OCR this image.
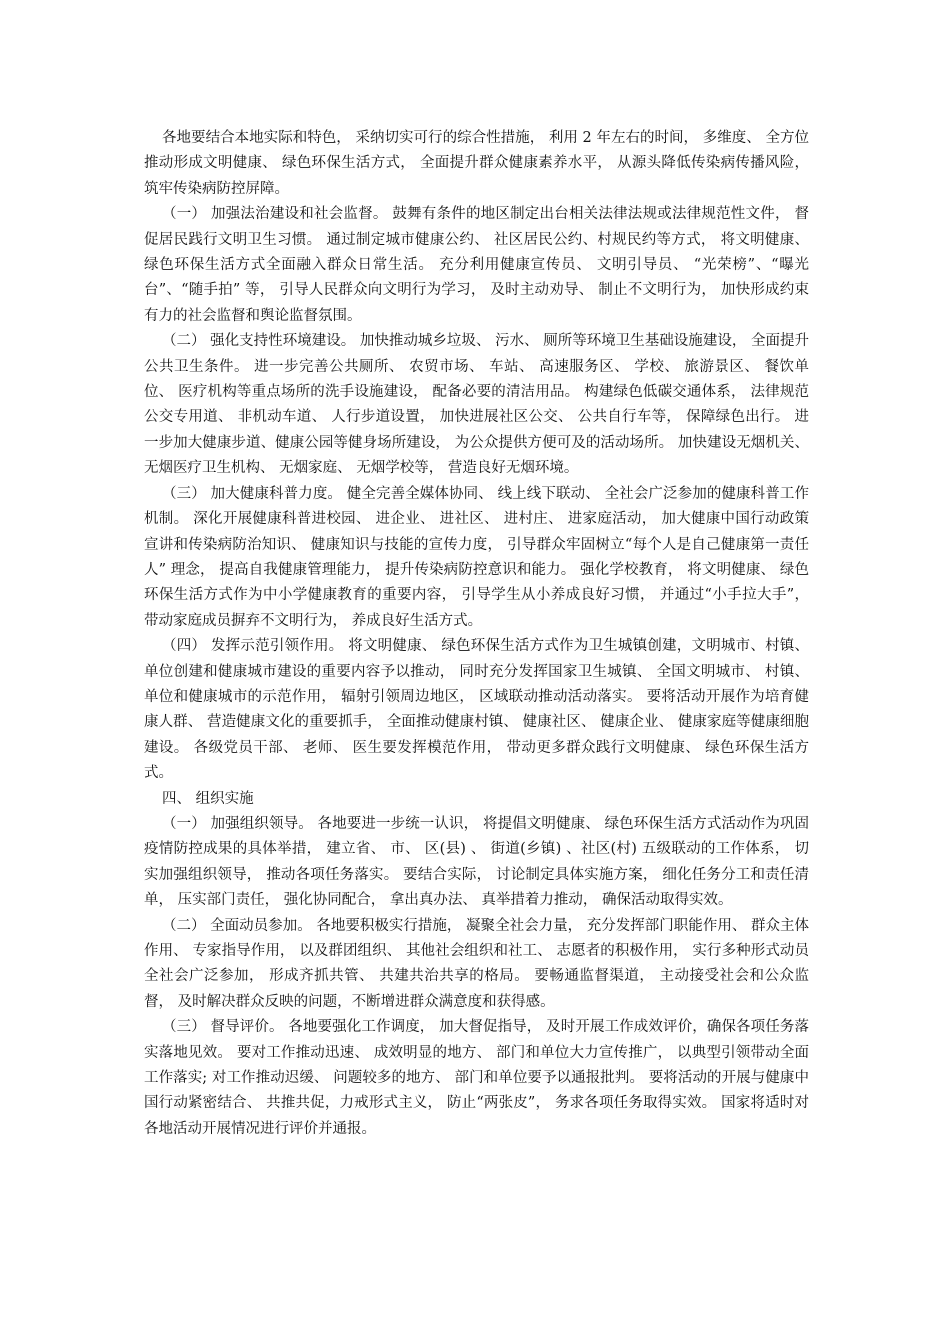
各地要结合本地实际和特色， 采纳切实可行的综合性措施， 利用 2 年左右的时间， 多维度、 全方位推动形成文明健康、 绿色环保生活方式， 全面提升群众健康素养水平， 从源头降低传染病传播风险， 筑牢传染病防控屏障。

（一） 加强法治建设和社会监督。 鼓舞有条件的地区制定出台相关法律法规或法律规范性文件， 督促居民践行文明卫生习惯。 通过制定城市健康公约、 社区居民公约、村规民约等方式， 将文明健康、 绿色环保生活方式全面融入群众日常生活。 充分利用健康宣传员、 文明引导员、 “光荣榜”、“曝光台”、“随手拍” 等， 引导人民群众向文明行为学习， 及时主动劝导、 制止不文明行为， 加快形成约束有力的社会监督和舆论监督氛围。

（二） 强化支持性环境建设。 加快推动城乡垃圾、 污水、 厕所等环境卫生基础设施建设， 全面提升公共卫生条件。 进一步完善公共厕所、 农贸市场、 车站、 高速服务区、 学校、 旅游景区、 餐饮单位、 医疗机构等重点场所的洗手设施建设， 配备必要的清洁用品。 构建绿色低碳交通体系， 法律规范公交专用道、 非机动车道、 人行步道设置， 加快进展社区公交、 公共自行车等， 保障绿色出行。 进一步加大健康步道、健康公园等健身场所建设， 为公众提供方便可及的活动场所。 加快建设无烟机关、无烟医疗卫生机构、 无烟家庭、 无烟学校等， 营造良好无烟环境。

（三） 加大健康科普力度。 健全完善全媒体协同、 线上线下联动、 全社会广泛参加的健康科普工作机制。 深化开展健康科普进校园、 进企业、 进社区、 进村庄、 进家庭活动， 加大健康中国行动政策宣讲和传染病防治知识、 健康知识与技能的宣传力度， 引导群众牢固树立“每个人是自己健康第一责任人” 理念， 提高自我健康管理能力， 提升传染病防控意识和能力。 强化学校教育， 将文明健康、 绿色环保生活方式作为中小学健康教育的重要内容， 引导学生从小养成良好习惯， 并通过“小手拉大手”， 带动家庭成员摒弃不文明行为， 养成良好生活方式。

（四） 发挥示范引领作用。 将文明健康、 绿色环保生活方式作为卫生城镇创建，文明城市、村镇、 单位创建和健康城市建设的重要内容予以推动， 同时充分发挥国家卫生城镇、 全国文明城市、 村镇、 单位和健康城市的示范作用， 辐射引领周边地区， 区域联动推动活动落实。 要将活动开展作为培育健康人群、 营造健康文化的重要抓手， 全面推动健康村镇、 健康社区、 健康企业、 健康家庭等健康细胞建设。 各级党员干部、 老师、 医生要发挥模范作用， 带动更多群众践行文明健康、 绿色环保生活方式。

四、 组织实施

（一） 加强组织领导。 各地要进一步统一认识， 将提倡文明健康、 绿色环保生活方式活动作为巩固疫情防控成果的具体举措， 建立省、 市、 区(县) 、 街道(乡镇) 、社区(村) 五级联动的工作体系， 切实加强组织领导， 推动各项任务落实。 要结合实际， 讨论制定具体实施方案， 细化任务分工和责任清单， 压实部门责任， 强化协同配合， 拿出真办法、 真举措着力推动， 确保活动取得实效。

（二） 全面动员参加。 各地要积极实行措施， 凝聚全社会力量， 充分发挥部门职能作用、 群众主体作用、 专家指导作用， 以及群团组织、 其他社会组织和社工、 志愿者的积极作用， 实行多种形式动员全社会广泛参加， 形成齐抓共管、 共建共治共享的格局。 要畅通监督渠道， 主动接受社会和公众监督， 及时解决群众反映的问题，不断增进群众满意度和获得感。

（三） 督导评价。 各地要强化工作调度， 加大督促指导， 及时开展工作成效评价，确保各项任务落实落地见效。 要对工作推动迅速、 成效明显的地方、 部门和单位大力宣传推广， 以典型引领带动全面工作落实; 对工作推动迟缓、 问题较多的地方、 部门和单位要予以通报批判。 要将活动的开展与健康中国行动紧密结合、 共推共促，力戒形式主义， 防止“两张皮”， 务求各项任务取得实效。 国家将适时对各地活动开展情况进行评价并通报。
